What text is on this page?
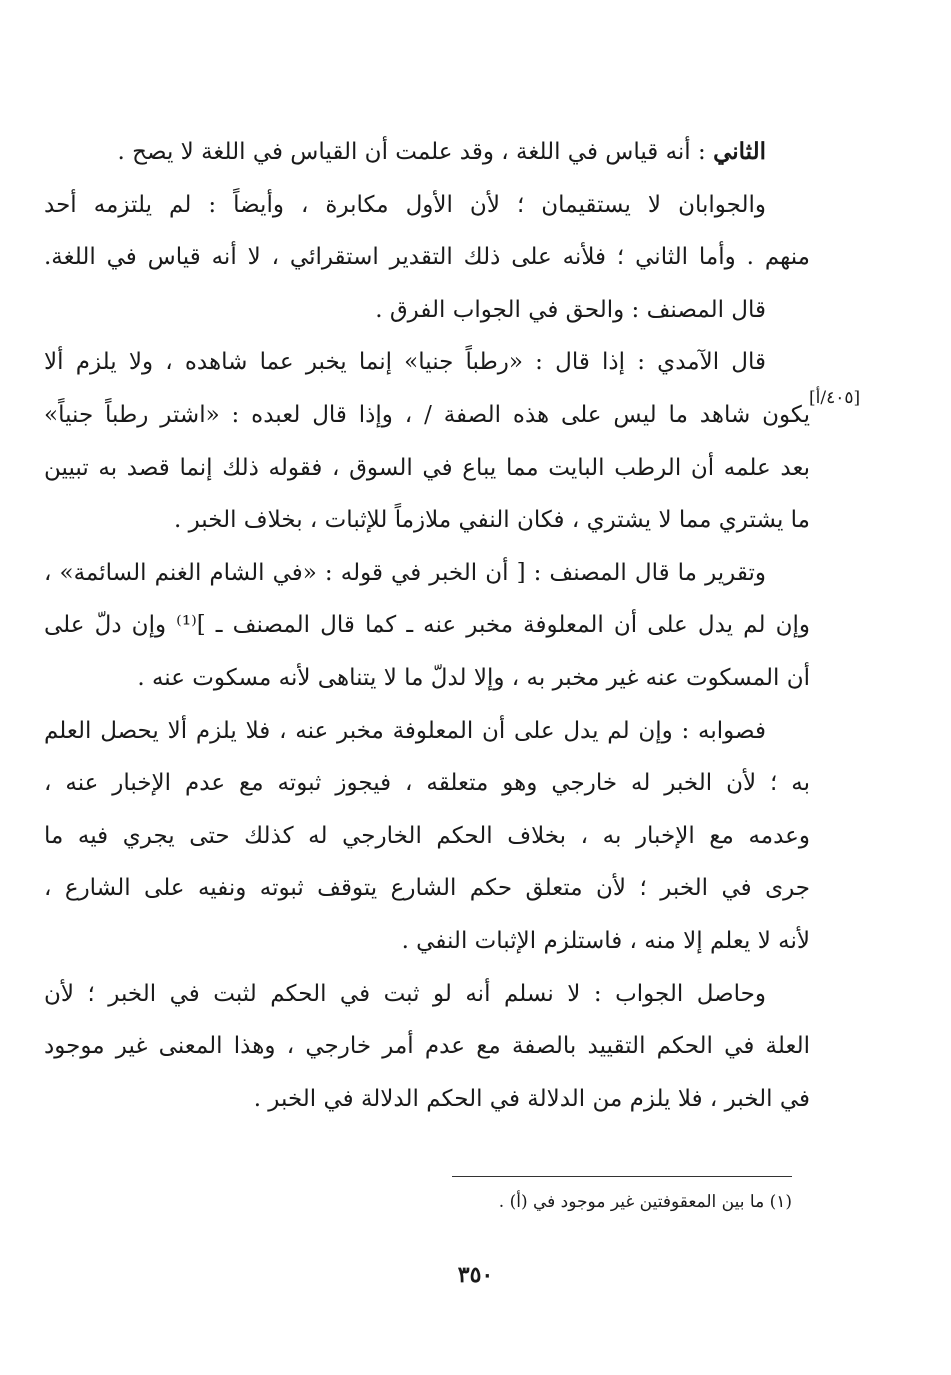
الثاني : أنه قياس في اللغة ، وقد علمت أن القياس في اللغة لا يصح .
والجوابان لا يستقيمان ؛ لأن الأول مكابرة ، وأيضاً : لم يلتزمه أحد
منهم . وأما الثاني ؛ فلأنه على ذلك التقدير استقرائي ، لا أنه قياس في اللغة.
قال المصنف : والحق في الجواب الفرق .
قال الآمدي : إذا قال : «رطباً جنيا» إنما يخبر عما شاهده ، ولا يلزم ألا
يكون شاهد ما ليس على هذه الصفة / ، وإذا قال لعبده : «اشتر رطباً جنياً»
بعد علمه أن الرطب البايت مما يباع في السوق ، فقوله ذلك إنما قصد به تبيين
ما يشتري مما لا يشتري ، فكان النفي ملازماً للإثبات ، بخلاف الخبر .
وتقرير ما قال المصنف : [ أن الخبر في قوله : «في الشام الغنم السائمة» ،
وإن لم يدل على أن المعلوفة مخبر عنه ـ كما قال المصنف ـ ]⁽¹⁾ وإن دلّ على
أن المسكوت عنه غير مخبر به ، وإلا لدلّ ما لا يتناهى لأنه مسكوت عنه .
فصوابه : وإن لم يدل على أن المعلوفة مخبر عنه ، فلا يلزم ألا يحصل العلم
به ؛ لأن الخبر له خارجي وهو متعلقه ، فيجوز ثبوته مع عدم الإخبار عنه ،
وعدمه مع الإخبار به ، بخلاف الحكم الخارجي له كذلك حتى يجري فيه ما
جرى في الخبر ؛ لأن متعلق حكم الشارع يتوقف ثبوته ونفيه على الشارع ،
لأنه لا يعلم إلا منه ، فاستلزم الإثبات النفي .
وحاصل الجواب : لا نسلم أنه لو ثبت في الحكم لثبت في الخبر ؛ لأن
العلة في الحكم التقييد بالصفة مع عدم أمر خارجي ، وهذا المعنى غير موجود
في الخبر ، فلا يلزم من الدلالة في الحكم الدلالة في الخبر .
[٤٠٥/أ]
(١) ما بين المعقوفتين غير موجود في (أ) .
٣٥٠
